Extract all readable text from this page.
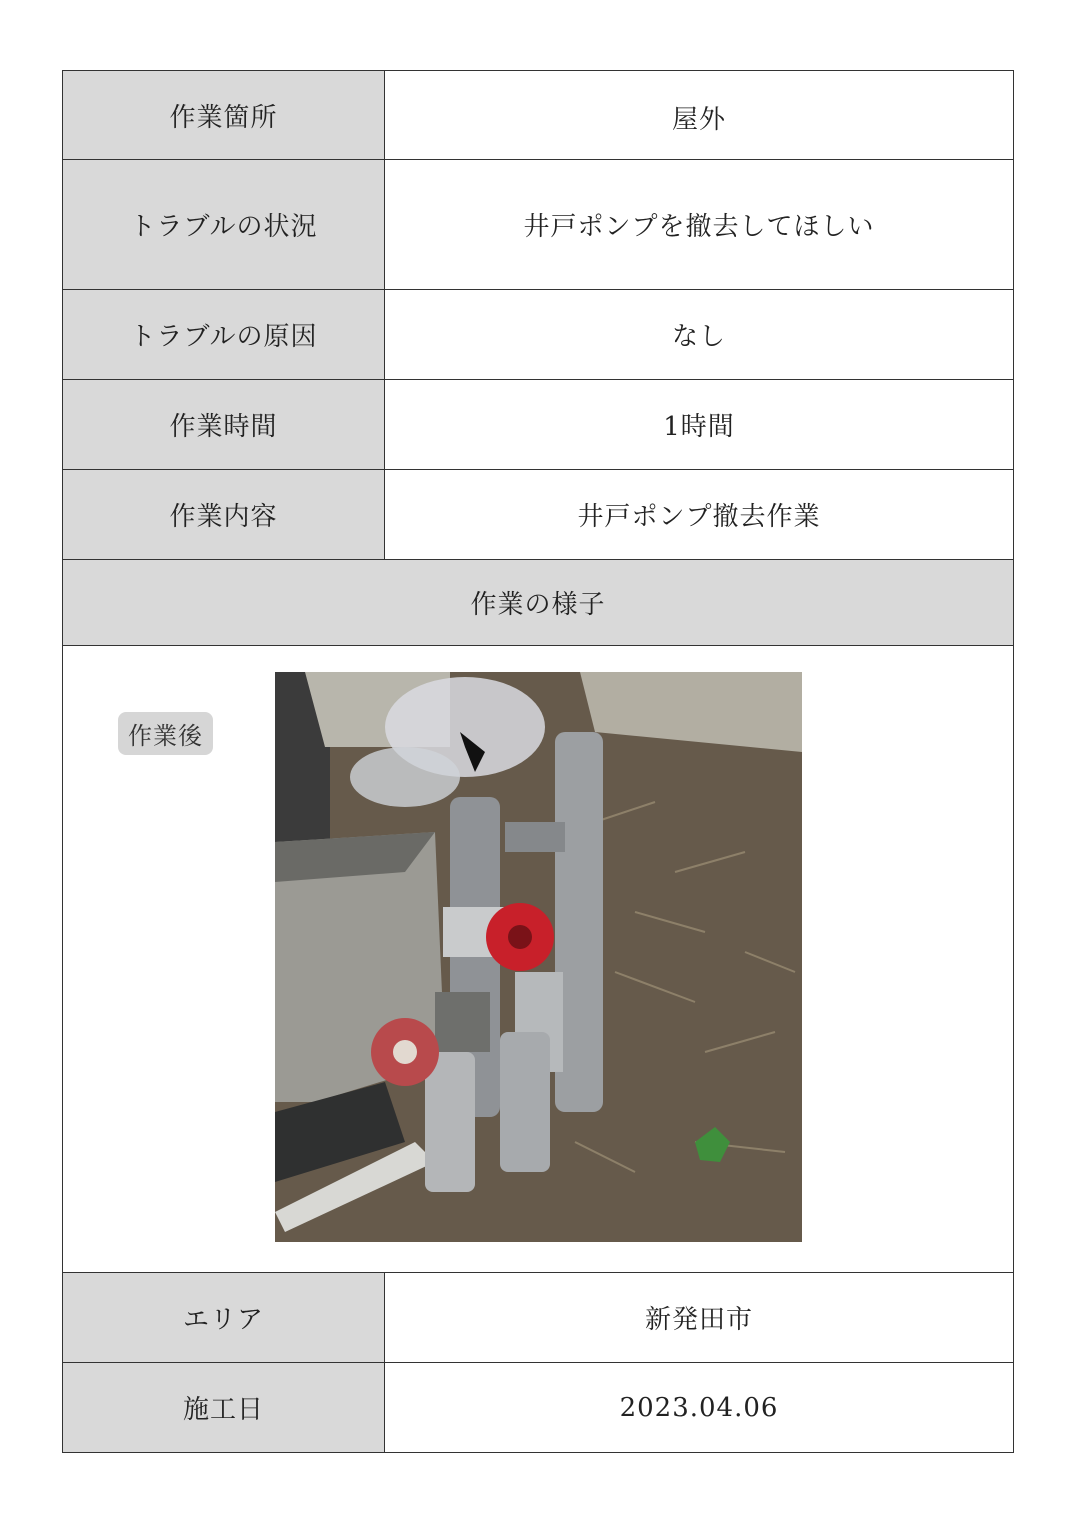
作業箇所	屋外
トラブルの状況	井戸ポンプを撤去してほしい
トラブルの原因	なし
作業時間	1時間
作業内容	井戸ポンプ撤去作業
作業の様子
作業後
エリア	新発田市
施工日	2023.04.06
